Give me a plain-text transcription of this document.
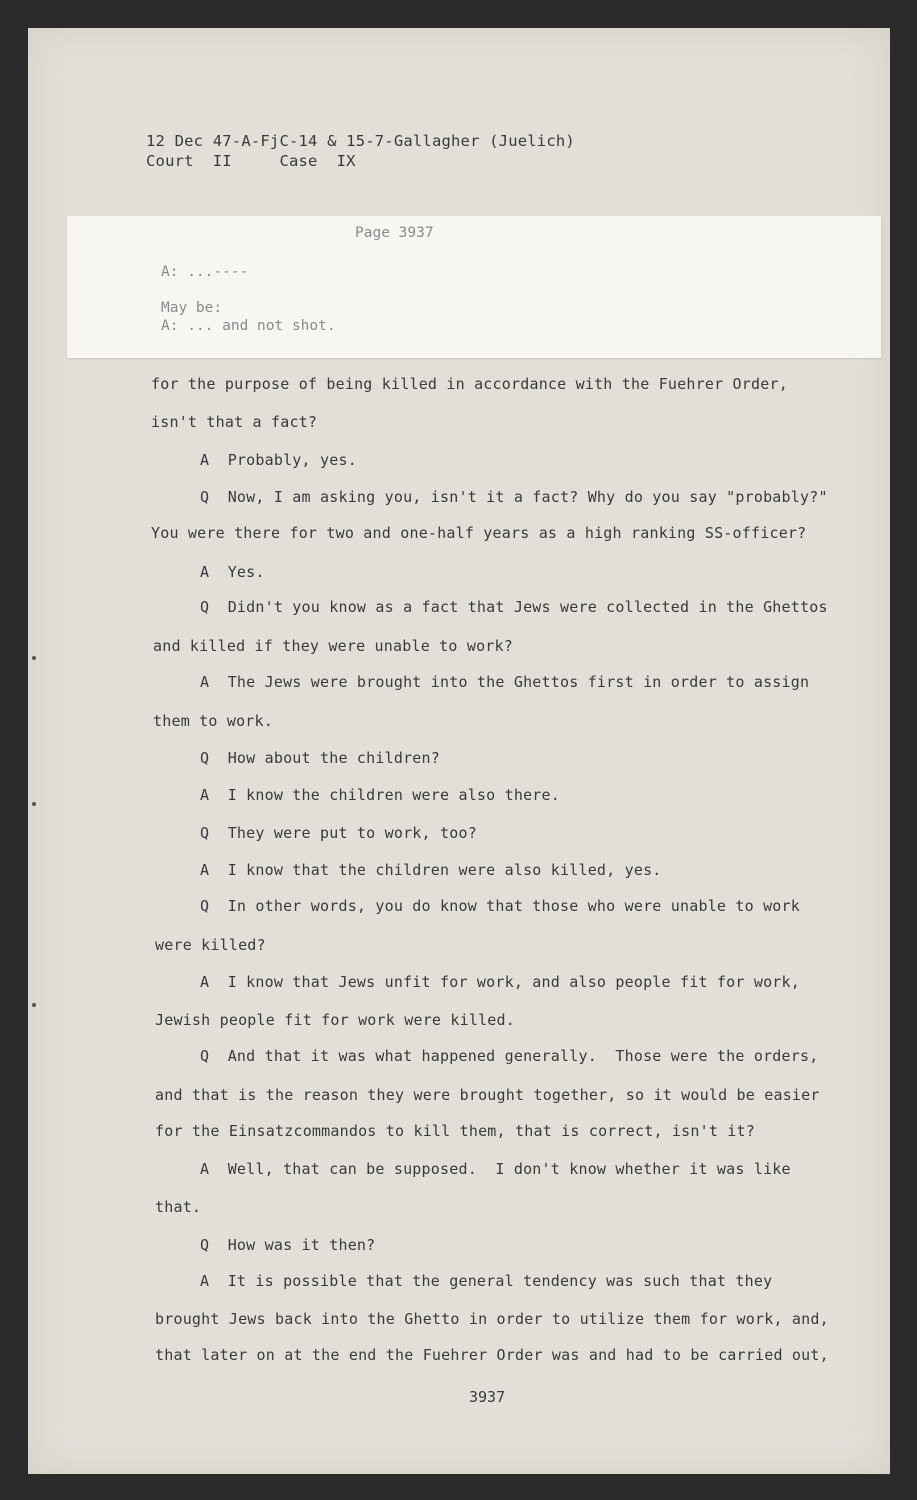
12 Dec 47-A-FjC-14 & 15-7-Gallagher (Juelich)
Court  II     Case  IX
Page 3937
A: ...----
May be:
A: ... and not shot.
for the purpose of being killed in accordance with the Fuehrer Order,
isn't that a fact?
A  Probably, yes.
Q  Now, I am asking you, isn't it a fact? Why do you say "probably?"
You were there for two and one-half years as a high ranking SS-officer?
A  Yes.
Q  Didn't you know as a fact that Jews were collected in the Ghettos
and killed if they were unable to work?
A  The Jews were brought into the Ghettos first in order to assign
them to work.
Q  How about the children?
A  I know the children were also there.
Q  They were put to work, too?
A  I know that the children were also killed, yes.
Q  In other words, you do know that those who were unable to work
were killed?
A  I know that Jews unfit for work, and also people fit for work,
Jewish people fit for work were killed.
Q  And that it was what happened generally.  Those were the orders,
and that is the reason they were brought together, so it would be easier
for the Einsatzcommandos to kill them, that is correct, isn't it?
A  Well, that can be supposed.  I don't know whether it was like
that.
Q  How was it then?
A  It is possible that the general tendency was such that they
brought Jews back into the Ghetto in order to utilize them for work, and,
that later on at the end the Fuehrer Order was and had to be carried out,
3937
